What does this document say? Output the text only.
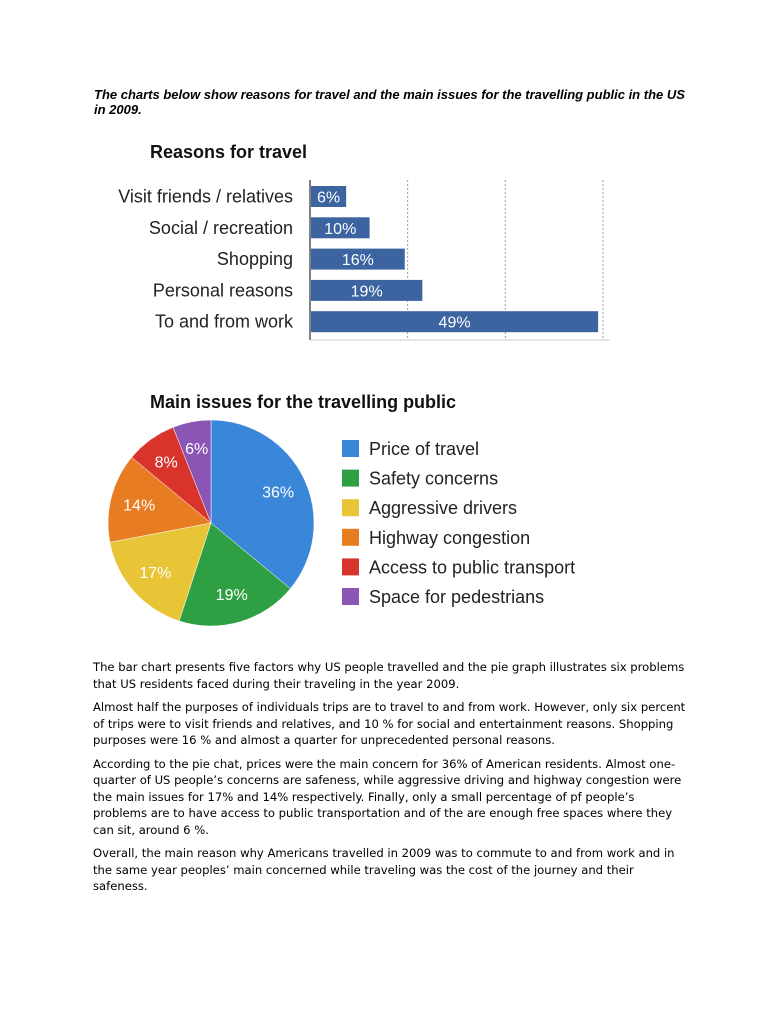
The charts below show reasons for travel and the main issues for the travelling public in the US in 2009.
Reasons for travel
6%
Visit friends / relatives
10%
Social / recreation
16%
Shopping
19%
Personal reasons
49%
To and from work
Main issues for the travelling public
36%
19%
17%
14%
8%
6%	Price of travel
Safety concerns
Aggressive drivers
Highway congestion
Access to public transport
Space for pedestrians

The bar chart presents five factors why US people travelled and the pie graph illustrates six problems that US residents faced during their traveling in the year 2009.

Almost half the purposes of individuals trips are to travel to and from work. However, only six percent of trips were to visit friends and relatives, and 10 % for social and entertainment reasons. Shopping purposes were 16 % and almost a quarter for unprecedented personal reasons.

According to the pie chat, prices were the main concern for 36% of American residents. Almost one-quarter of US people’s concerns are safeness, while aggressive driving and highway congestion were the main issues for 17% and 14% respectively. Finally, only a small percentage of pf people’s problems are to have access to public transportation and of the are enough free spaces where they can sit, around 6 %.

Overall, the main reason why Americans travelled in 2009 was to commute to and from work and in the same year peoples’ main concerned while traveling was the cost of the journey and their safeness.
